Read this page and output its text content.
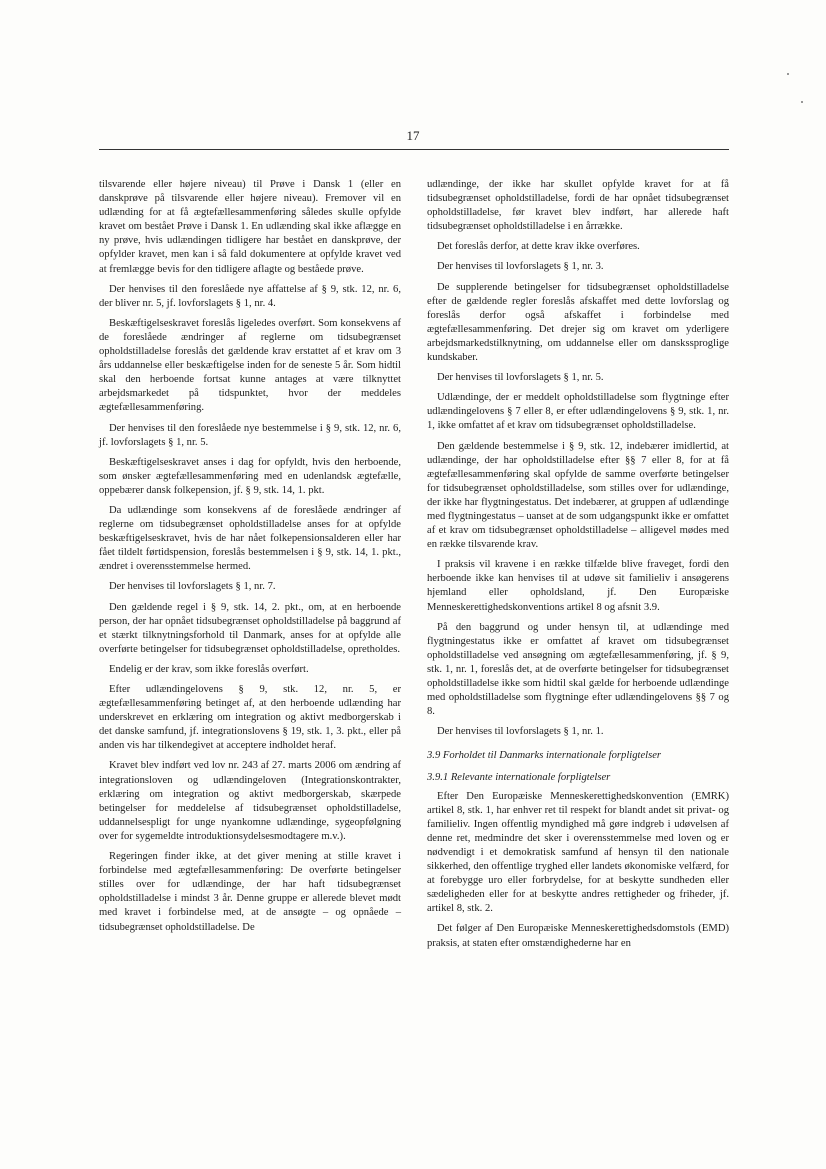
17

tilsvarende eller højere niveau) til Prøve i Dansk 1 (eller en danskprøve på tilsvarende eller højere niveau). Fremover vil en udlænding for at få ægtefællesammenføring således skulle opfylde kravet om bestået Prøve i Dansk 1. En udlænding skal ikke aflægge en ny prøve, hvis udlændingen tidligere har bestået en danskprøve, der opfylder kravet, men kan i så fald dokumentere at opfylde kravet ved at fremlægge bevis for den tidligere aflagte og beståede prøve.

Der henvises til den foreslåede nye affattelse af § 9, stk. 12, nr. 6, der bliver nr. 5, jf. lovforslagets § 1, nr. 4.

Beskæftigelseskravet foreslås ligeledes overført. Som konsekvens af de foreslåede ændringer af reglerne om tidsubegrænset opholdstilladelse foreslås det gældende krav erstattet af et krav om 3 års uddannelse eller beskæftigelse inden for de seneste 5 år. Som hidtil skal den herboende fortsat kunne antages at være tilknyttet arbejdsmarkedet på tidspunktet, hvor der meddeles ægtefællesammenføring.

Der henvises til den foreslåede nye bestemmelse i § 9, stk. 12, nr. 6, jf. lovforslagets § 1, nr. 5.

Beskæftigelseskravet anses i dag for opfyldt, hvis den herboende, som ønsker ægtefællesammenføring med en udenlandsk ægtefælle, oppebærer dansk folkepension, jf. § 9, stk. 14, 1. pkt.

Da udlændinge som konsekvens af de foreslåede ændringer af reglerne om tidsubegrænset opholdstilladelse anses for at opfylde beskæftigelseskravet, hvis de har nået folkepensionsalderen eller har fået tildelt førtidspension, foreslås bestemmelsen i § 9, stk. 14, 1. pkt., ændret i overensstemmelse hermed.

Der henvises til lovforslagets § 1, nr. 7.

Den gældende regel i § 9, stk. 14, 2. pkt., om, at en herboende person, der har opnået tidsubegrænset opholdstilladelse på baggrund af et stærkt tilknytningsforhold til Danmark, anses for at opfylde alle overførte betingelser for tidsubegrænset opholdstilladelse, opretholdes.

Endelig er der krav, som ikke foreslås overført.

Efter udlændingelovens § 9, stk. 12, nr. 5, er ægtefællesammenføring betinget af, at den herboende udlænding har underskrevet en erklæring om integration og aktivt medborgerskab i det danske samfund, jf. integrationslovens § 19, stk. 1, 3. pkt., eller på anden vis har tilkendegivet at acceptere indholdet heraf.

Kravet blev indført ved lov nr. 243 af 27. marts 2006 om ændring af integrationsloven og udlændingeloven (Integrationskontrakter, erklæring om integration og aktivt medborgerskab, skærpede betingelser for meddelelse af tidsubegrænset opholdstilladelse, uddannelsespligt for unge nyankomne udlændinge, sygeopfølgning over for sygemeldte introduktionsydelsesmodtagere m.v.).

Regeringen finder ikke, at det giver mening at stille kravet i forbindelse med ægtefællesammenføring: De overførte betingelser stilles over for udlændinge, der har haft tidsubegrænset opholdstilladelse i mindst 3 år. Denne gruppe er allerede blevet mødt med kravet i forbindelse med, at de ansøgte – og opnåede – tidsubegrænset opholdstilladelse. De

udlændinge, der ikke har skullet opfylde kravet for at få tidsubegrænset opholdstilladelse, fordi de har opnået tidsubegrænset opholdstilladelse, før kravet blev indført, har allerede haft tidsubegrænset opholdstilladelse i en årrække.

Det foreslås derfor, at dette krav ikke overføres.

Der henvises til lovforslagets § 1, nr. 3.

De supplerende betingelser for tidsubegrænset opholdstilladelse efter de gældende regler foreslås afskaffet med dette lovforslag og foreslås derfor også afskaffet i forbindelse med ægtefællesammenføring. Det drejer sig om kravet om yderligere arbejdsmarkedstilknytning, om uddannelse eller om danskssproglige kundskaber.

Der henvises til lovforslagets § 1, nr. 5.

Udlændinge, der er meddelt opholdstilladelse som flygtninge efter udlændingelovens § 7 eller 8, er efter udlændingelovens § 9, stk. 1, nr. 1, ikke omfattet af et krav om tidsubegrænset opholdstilladelse.

Den gældende bestemmelse i § 9, stk. 12, indebærer imidlertid, at udlændinge, der har opholdstilladelse efter §§ 7 eller 8, for at få ægtefællesammenføring skal opfylde de samme overførte betingelser for tidsubegrænset opholdstilladelse, som stilles over for udlændinge, der ikke har flygtningestatus. Det indebærer, at gruppen af udlændinge med flygtningestatus – uanset at de som udgangspunkt ikke er omfattet af et krav om tidsubegrænset opholdstilladelse – alligevel mødes med en række tilsvarende krav.

I praksis vil kravene i en række tilfælde blive fraveget, fordi den herboende ikke kan henvises til at udøve sit familieliv i ansøgerens hjemland eller opholdsland, jf. Den Europæiske Menneskerettighedskonventions artikel 8 og afsnit 3.9.

På den baggrund og under hensyn til, at udlændinge med flygtningestatus ikke er omfattet af kravet om tidsubegrænset opholdstilladelse ved ansøgning om ægtefællesammenføring, jf. § 9, stk. 1, nr. 1, foreslås det, at de overførte betingelser for tidsubegrænset opholdstilladelse ikke som hidtil skal gælde for herboende udlændinge med opholdstilladelse som flygtninge efter udlændingelovens §§ 7 og 8.

Der henvises til lovforslagets § 1, nr. 1.

3.9 Forholdet til Danmarks internationale forpligtelser
3.9.1 Relevante internationale forpligtelser

Efter Den Europæiske Menneskerettighedskonvention (EMRK) artikel 8, stk. 1, har enhver ret til respekt for blandt andet sit privat- og familieliv. Ingen offentlig myndighed må gøre indgreb i udøvelsen af denne ret, medmindre det sker i overensstemmelse med loven og er nødvendigt i et demokratisk samfund af hensyn til den nationale sikkerhed, den offentlige tryghed eller landets økonomiske velfærd, for at forebygge uro eller forbrydelse, for at beskytte sundheden eller sædeligheden eller for at beskytte andres rettigheder og friheder, jf. artikel 8, stk. 2.

Det følger af Den Europæiske Menneskerettighedsdomstols (EMD) praksis, at staten efter omstændighederne har en
